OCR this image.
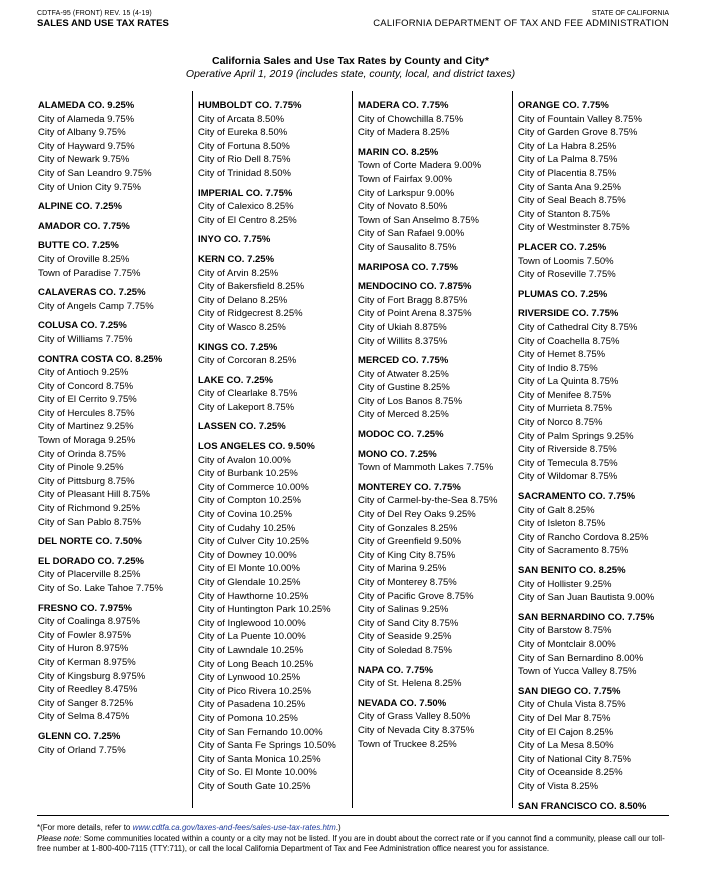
CDTFA-95 (FRONT) REV. 15 (4-19)
SALES AND USE TAX RATES
STATE OF CALIFORNIA
CALIFORNIA DEPARTMENT OF TAX AND FEE ADMINISTRATION
California Sales and Use Tax Rates by County and City*
Operative April 1, 2019 (includes state, county, local, and district taxes)
ALAMEDA CO. 9.25%
City of Alameda 9.75%
City of Albany 9.75%
City of Hayward 9.75%
City of Newark 9.75%
City of San Leandro 9.75%
City of Union City 9.75%
ALPINE CO. 7.25%
AMADOR CO. 7.75%
BUTTE CO. 7.25%
City of Oroville 8.25%
Town of Paradise 7.75%
CALAVERAS CO. 7.25%
City of Angels Camp 7.75%
COLUSA CO. 7.25%
City of Williams 7.75%
CONTRA COSTA CO. 8.25%
City of Antioch 9.25%
City of Concord 8.75%
City of El Cerrito 9.75%
City of Hercules 8.75%
City of Martinez 9.25%
Town of Moraga 9.25%
City of Orinda 8.75%
City of Pinole 9.25%
City of Pittsburg 8.75%
City of Pleasant Hill 8.75%
City of Richmond 9.25%
City of San Pablo 8.75%
DEL NORTE CO. 7.50%
EL DORADO CO. 7.25%
City of Placerville 8.25%
City of So. Lake Tahoe 7.75%
FRESNO CO. 7.975%
City of Coalinga 8.975%
City of Fowler 8.975%
City of Huron 8.975%
City of Kerman 8.975%
City of Kingsburg 8.975%
City of Reedley 8.475%
City of Sanger 8.725%
City of Selma 8.475%
GLENN CO. 7.25%
City of Orland 7.75%
HUMBOLDT CO. 7.75%
City of Arcata 8.50%
City of Eureka 8.50%
City of Fortuna 8.50%
City of Rio Dell 8.75%
City of Trinidad 8.50%
IMPERIAL CO. 7.75%
City of Calexico 8.25%
City of El Centro 8.25%
INYO CO. 7.75%
KERN CO. 7.25%
City of Arvin 8.25%
City of Bakersfield 8.25%
City of Delano 8.25%
City of Ridgecrest 8.25%
City of Wasco 8.25%
KINGS CO. 7.25%
City of Corcoran 8.25%
LAKE CO. 7.25%
City of Clearlake 8.75%
City of Lakeport 8.75%
LASSEN CO. 7.25%
LOS ANGELES CO. 9.50%
City of Avalon 10.00%
City of Burbank 10.25%
City of Commerce 10.00%
City of Compton 10.25%
City of Covina 10.25%
City of Cudahy 10.25%
City of Culver City 10.25%
City of Downey 10.00%
City of El Monte 10.00%
City of Glendale 10.25%
City of Hawthorne 10.25%
City of Huntington Park 10.25%
City of Inglewood 10.00%
City of La Puente 10.00%
City of Lawndale 10.25%
City of Long Beach 10.25%
City of Lynwood 10.25%
City of Pico Rivera 10.25%
City of Pasadena 10.25%
City of Pomona 10.25%
City of San Fernando 10.00%
City of Santa Fe Springs 10.50%
City of Santa Monica 10.25%
City of So. El Monte 10.00%
City of South Gate 10.25%
MADERA CO. 7.75%
City of Chowchilla 8.75%
City of Madera 8.25%
MARIN CO. 8.25%
Town of Corte Madera 9.00%
Town of Fairfax 9.00%
City of Larkspur 9.00%
City of Novato 8.50%
Town of San Anselmo 8.75%
City of San Rafael 9.00%
City of Sausalito 8.75%
MARIPOSA CO. 7.75%
MENDOCINO CO. 7.875%
City of Fort Bragg 8.875%
City of Point Arena 8.375%
City of Ukiah 8.875%
City of Willits 8.375%
MERCED CO. 7.75%
City of Atwater 8.25%
City of Gustine 8.25%
City of Los Banos 8.75%
City of Merced 8.25%
MODOC CO. 7.25%
MONO CO. 7.25%
Town of Mammoth Lakes 7.75%
MONTEREY CO. 7.75%
City of Carmel-by-the-Sea 8.75%
City of Del Rey Oaks 9.25%
City of Gonzales 8.25%
City of Greenfield 9.50%
City of King City 8.75%
City of Marina 9.25%
City of Monterey 8.75%
City of Pacific Grove 8.75%
City of Salinas 9.25%
City of Sand City 8.75%
City of Seaside 9.25%
City of Soledad 8.75%
NAPA CO. 7.75%
City of St. Helena 8.25%
NEVADA CO. 7.50%
City of Grass Valley 8.50%
City of Nevada City 8.375%
Town of Truckee 8.25%
ORANGE CO. 7.75%
City of Fountain Valley 8.75%
City of Garden Grove 8.75%
City of La Habra 8.25%
City of La Palma 8.75%
City of Placentia 8.75%
City of Santa Ana 9.25%
City of Seal Beach 8.75%
City of Stanton 8.75%
City of Westminster 8.75%
PLACER CO. 7.25%
Town of Loomis 7.50%
City of Roseville 7.75%
PLUMAS CO. 7.25%
RIVERSIDE CO. 7.75%
City of Cathedral City 8.75%
City of Coachella 8.75%
City of Hemet 8.75%
City of Indio 8.75%
City of La Quinta 8.75%
City of Menifee 8.75%
City of Murrieta 8.75%
City of Norco 8.75%
City of Palm Springs 9.25%
City of Riverside 8.75%
City of Temecula 8.75%
City of Wildomar 8.75%
SACRAMENTO CO. 7.75%
City of Galt 8.25%
City of Isleton 8.75%
City of Rancho Cordova 8.25%
City of Sacramento 8.75%
SAN BENITO CO. 8.25%
City of Hollister 9.25%
City of San Juan Bautista 9.00%
SAN BERNARDINO CO. 7.75%
City of Barstow 8.75%
City of Montclair 8.00%
City of San Bernardino 8.00%
Town of Yucca Valley 8.75%
SAN DIEGO CO. 7.75%
City of Chula Vista 8.75%
City of Del Mar 8.75%
City of El Cajon 8.25%
City of La Mesa 8.50%
City of National City 8.75%
City of Oceanside 8.25%
City of Vista 8.25%
SAN FRANCISCO CO. 8.50%
*(For more details, refer to www.cdtfa.ca.gov/taxes-and-fees/sales-use-tax-rates.htm.)
Please note: Some communities located within a county or a city may not be listed. If you are in doubt about the correct rate or if you cannot find a community, please call our toll-free number at 1-800-400-7115 (TTY:711), or call the local California Department of Tax and Fee Administration office nearest you for assistance.
